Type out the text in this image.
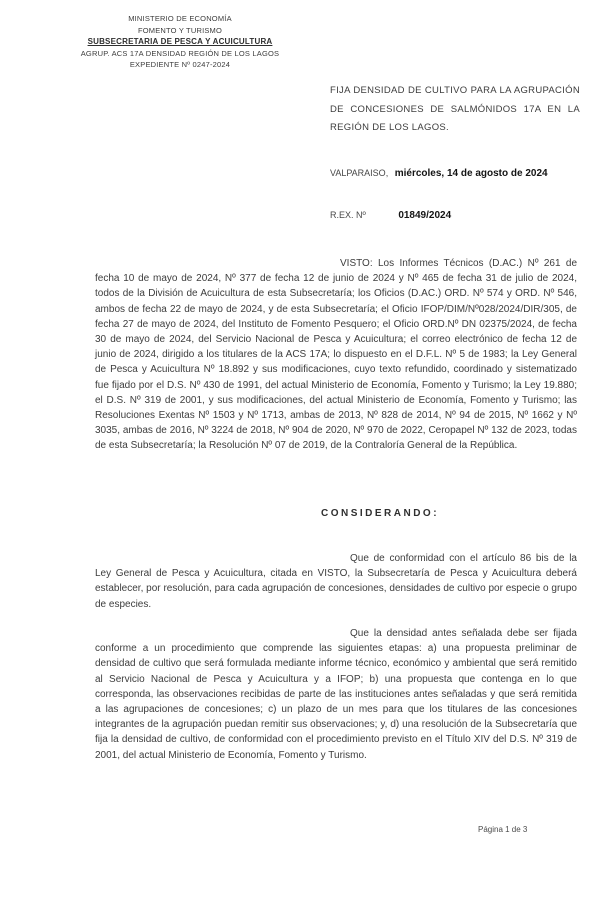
MINISTERIO DE ECONOMÍA
FOMENTO Y TURISMO
SUBSECRETARIA DE PESCA Y ACUICULTURA
AGRUP. ACS 17A DENSIDAD REGIÓN DE LOS LAGOS
EXPEDIENTE Nº 0247-2024
FIJA DENSIDAD DE CULTIVO PARA LA AGRUPACIÓN DE CONCESIONES DE SALMÓNIDOS 17A EN LA REGIÓN DE LOS LAGOS.
VALPARAISO, miércoles, 14 de agosto de 2024
R.EX. Nº	01849/2024
VISTO: Los Informes Técnicos (D.AC.) Nº 261 de fecha 10 de mayo de 2024, Nº 377 de fecha 12 de junio de 2024 y Nº 465 de fecha 31 de julio de 2024, todos de la División de Acuicultura de esta Subsecretaría; los Oficios (D.AC.) ORD. Nº 574 y ORD. Nº 546, ambos de fecha 22 de mayo de 2024, y de esta Subsecretaría; el Oficio IFOP/DIM/Nº028/2024/DIR/305, de fecha 27 de mayo de 2024, del Instituto de Fomento Pesquero; el Oficio ORD.Nº DN 02375/2024, de fecha 30 de mayo de 2024, del Servicio Nacional de Pesca y Acuicultura; el correo electrónico de fecha 12 de junio de 2024, dirigido a los titulares de la ACS 17A; lo dispuesto en el D.F.L. Nº 5 de 1983; la Ley General de Pesca y Acuicultura Nº 18.892 y sus modificaciones, cuyo texto refundido, coordinado y sistematizado fue fijado por el D.S. Nº 430 de 1991, del actual Ministerio de Economía, Fomento y Turismo; la Ley 19.880; el D.S. Nº 319 de 2001, y sus modificaciones, del actual Ministerio de Economía, Fomento y Turismo; las Resoluciones Exentas Nº 1503 y Nº 1713, ambas de 2013, Nº 828 de 2014, Nº 94 de 2015, Nº 1662 y Nº 3035, ambas de 2016, Nº 3224 de 2018, Nº 904 de 2020, Nº 970 de 2022, Ceropapel Nº 132 de 2023, todas de esta Subsecretaría; la Resolución Nº 07 de 2019, de la Contraloría General de la República.
CONSIDERANDO:
Que de conformidad con el artículo 86 bis de la Ley General de Pesca y Acuicultura, citada en VISTO, la Subsecretaría de Pesca y Acuicultura deberá establecer, por resolución, para cada agrupación de concesiones, densidades de cultivo por especie o grupo de especies.
Que la densidad antes señalada debe ser fijada conforme a un procedimiento que comprende las siguientes etapas: a) una propuesta preliminar de densidad de cultivo que será formulada mediante informe técnico, económico y ambiental que será remitido al Servicio Nacional de Pesca y Acuicultura y a IFOP; b) una propuesta que contenga en lo que corresponda, las observaciones recibidas de parte de las instituciones antes señaladas y que será remitida a las agrupaciones de concesiones; c) un plazo de un mes para que los titulares de las concesiones integrantes de la agrupación puedan remitir sus observaciones; y, d) una resolución de la Subsecretaría que fija la densidad de cultivo, de conformidad con el procedimiento previsto en el Título XIV del D.S. Nº 319 de 2001, del actual Ministerio de Economía, Fomento y Turismo.
Página 1 de 3
